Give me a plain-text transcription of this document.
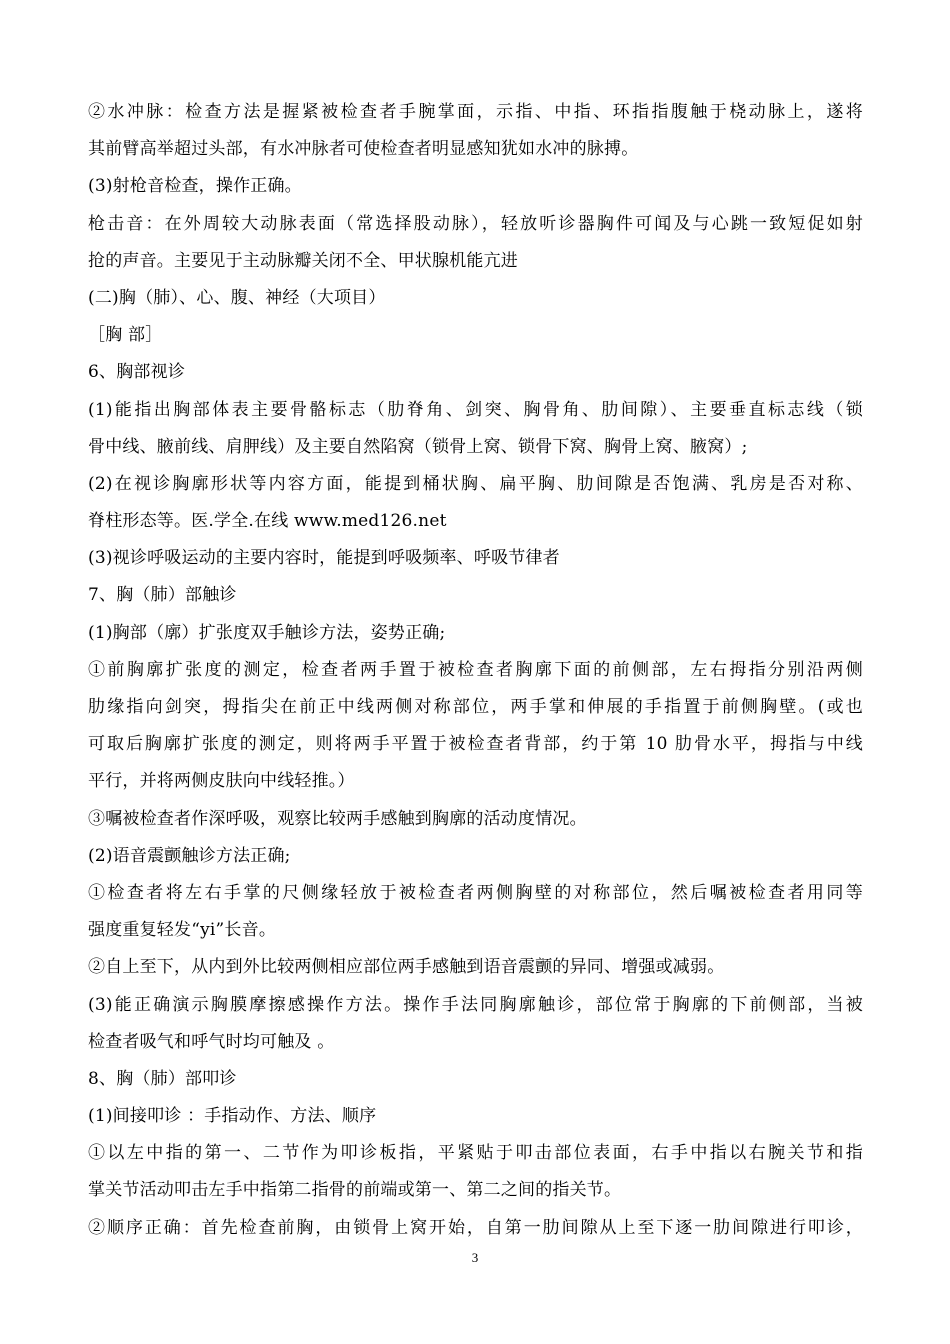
②水冲脉：检查方法是握紧被检查者手腕掌面，示指、中指、环指指腹触于桡动脉上，遂将
其前臂高举超过头部，有水冲脉者可使检查者明显感知犹如水冲的脉搏。
(3)射枪音检查，操作正确。
枪击音：在外周较大动脉表面（常选择股动脉），轻放听诊器胸件可闻及与心跳一致短促如射
抢的声音。主要见于主动脉瓣关闭不全、甲状腺机能亢进
(二)胸（肺）、心、腹、神经（大项目）
［胸 部］
6、胸部视诊
(1)能指出胸部体表主要骨骼标志（肋脊角、剑突、胸骨角、肋间隙）、主要垂直标志线（锁
骨中线、腋前线、肩胛线）及主要自然陷窝（锁骨上窝、锁骨下窝、胸骨上窝、腋窝）;
(2)在视诊胸廓形状等内容方面，能提到桶状胸、扁平胸、肋间隙是否饱满、乳房是否对称、
脊柱形态等。医.学全.在线 www.med126.net
(3)视诊呼吸运动的主要内容时，能提到呼吸频率、呼吸节律者
7、胸（肺）部触诊
(1)胸部（廓）扩张度双手触诊方法，姿势正确;
①前胸廓扩张度的测定，检查者两手置于被检查者胸廓下面的前侧部，左右拇指分别沿两侧
肋缘指向剑突，拇指尖在前正中线两侧对称部位，两手掌和伸展的手指置于前侧胸壁。(或也
可取后胸廓扩张度的测定，则将两手平置于被检查者背部，约于第 10 肋骨水平，拇指与中线
平行，并将两侧皮肤向中线轻推。）
③嘱被检查者作深呼吸，观察比较两手感触到胸廓的活动度情况。
(2)语音震颤触诊方法正确;
①检查者将左右手掌的尺侧缘轻放于被检查者两侧胸壁的对称部位，然后嘱被检查者用同等
强度重复轻发“yi”长音。
②自上至下，从内到外比较两侧相应部位两手感触到语音震颤的异同、增强或减弱。
(3)能正确演示胸膜摩擦感操作方法。操作手法同胸廓触诊，部位常于胸廓的下前侧部，当被
检查者吸气和呼气时均可触及 。
8、胸（肺）部叩诊
(1)间接叩诊 ：手指动作、方法、顺序
①以左中指的第一、二节作为叩诊板指，平紧贴于叩击部位表面，右手中指以右腕关节和指
掌关节活动叩击左手中指第二指骨的前端或第一、第二之间的指关节。
②顺序正确：首先检查前胸，由锁骨上窝开始，自第一肋间隙从上至下逐一肋间隙进行叩诊，
3
